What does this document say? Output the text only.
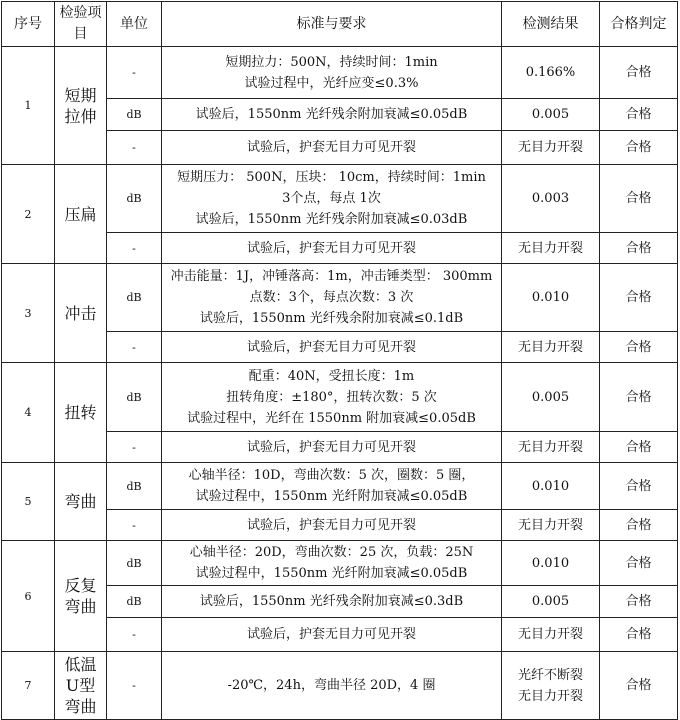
序号	检验项目	单位	标准与要求	检测结果	合格判定
1	短期拉伸	-	短期拉力：500N，持续时间：1min
试验过程中，光纤应变≤0.3%	0.166%	合格
		dB	试验后，1550nm 光纤残余附加衰减≤0.05dB	0.005	合格
		-	试验后，护套无目力可见开裂	无目力开裂	合格
2	压扁	dB	短期压力： 500N，压块： 10cm，持续时间：1min
3个点，每点 1次
试验后，1550nm 光纤残余附加衰减≤0.03dB	0.003	合格
		-	试验后，护套无目力可见开裂	无目力开裂	合格
3	冲击	dB	冲击能量：1J，冲锤落高：1m，冲击锤类型： 300mm
点数：3个，每点次数：3 次
试验后，1550nm 光纤残余附加衰减≤0.1dB	0.010	合格
		-	试验后，护套无目力可见开裂	无目力开裂	合格
4	扭转	dB	配重：40N，受扭长度：1m
扭转角度：±180°，扭转次数：5 次
试验过程中，光纤在 1550nm 附加衰减≤0.05dB	0.005	合格
		-	试验后，护套无目力可见开裂	无目力开裂	合格
5	弯曲	dB	心轴半径：10D，弯曲次数：5 次，圈数：5 圈，
试验过程中，1550nm 光纤附加衰减≤0.05dB	0.010	合格
		-	试验后，护套无目力可见开裂	无目力开裂	合格
6	反复弯曲	dB	心轴半径：20D，弯曲次数：25 次，负载：25N
试验过程中，1550nm 光纤附加衰减≤0.05dB	0.010	合格
		dB	试验后，1550nm 光纤残余附加衰减≤0.3dB	0.005	合格
		-	试验后，护套无目力可见开裂	无目力开裂	合格
7	低温U型弯曲	-	-20℃，24h，弯曲半径 20D，4 圈	光纤不断裂 无目力开裂	合格
